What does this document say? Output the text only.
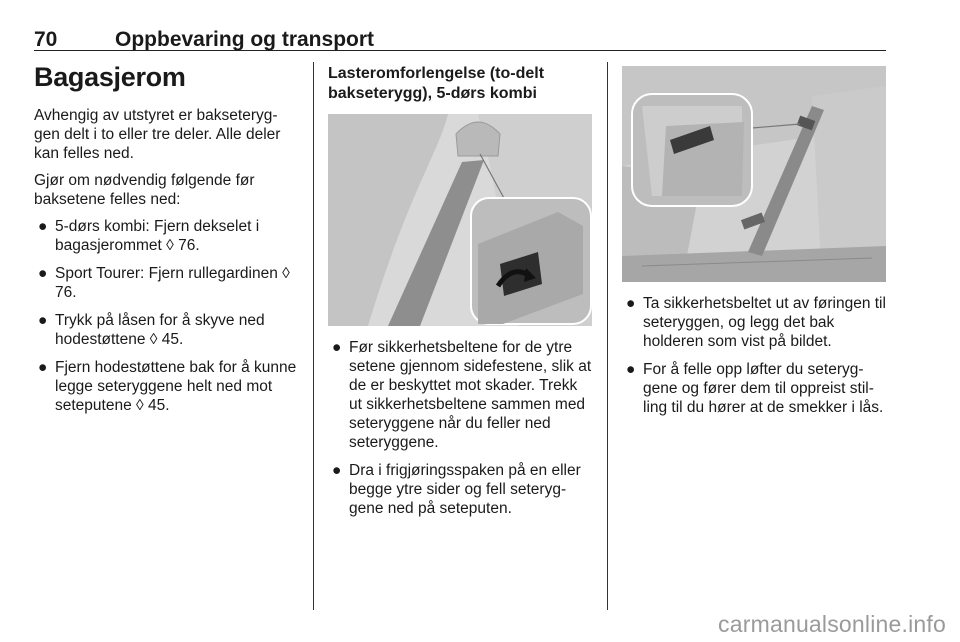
70	Oppbevaring og transport
Bagasjerom

Avhengig av utstyret er bakseteryg-gen delt i to eller tre deler. Alle deler kan felles ned.

Gjør om nødvendig følgende før baksetene felles ned:

● 5-dørs kombi: Fjern dekselet i bagasjerommet ◊ 76.
● Sport Tourer: Fjern rullegardinen ◊ 76.
● Trykk på låsen for å skyve ned hodestøttene ◊ 45.
● Fjern hodestøttene bak for å kunne legge seteryggene helt ned mot seteputene ◊ 45.
Lasteromforlengelse (to-delt bakseterygg), 5-dørs kombi
● Før sikkerhetsbeltene for de ytre setene gjennom sidefestene, slik at de er beskyttet mot skader. Trekk ut sikkerhetsbeltene sammen med seteryggene når du feller ned seteryggene.
● Dra i frigjøringsspaken på en eller begge ytre sider og fell seteryg-gene ned på seteputen.
● Ta sikkerhetsbeltet ut av føringen til seteryggen, og legg det bak holderen som vist på bildet.
● For å felle opp løfter du seteryg-gene og fører dem til oppreist stil-ling til du hører at de smekker i lås.
carmanualsonline.info
